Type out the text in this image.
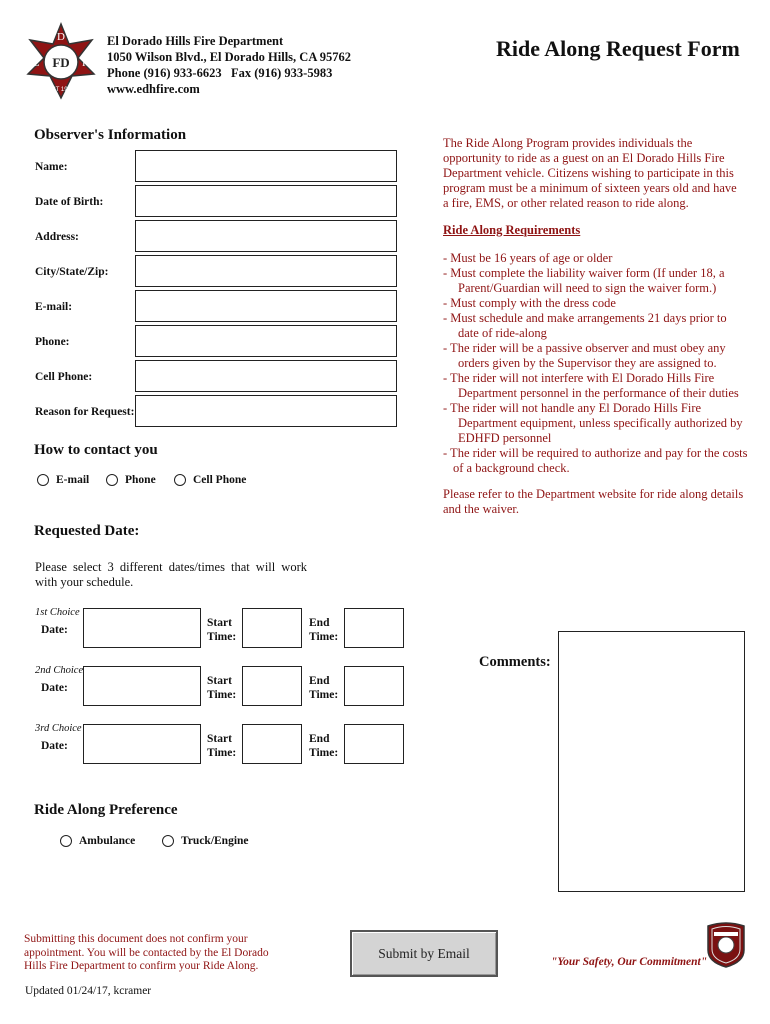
D
E	H
FD
EST 1963
El Dorado Hills Fire Department
1050 Wilson Blvd., El Dorado Hills, CA 95762
Phone (916) 933-6623   Fax (916) 933-5983
www.edhfire.com
Ride Along Request Form
Observer's Information
Name:
Date of Birth:
Address:
City/State/Zip:
E-mail:
Phone:
Cell Phone:
Reason for Request:
How to contact you
E-mail	Phone	Cell Phone
Requested Date:
Please select 3 different dates/times that will work with your schedule.
1st Choice
Date:
Start Time:
End Time:
2nd Choice
Date:
Start Time:
End Time:
3rd Choice
Date:
Start Time:
End Time:
Ride Along Preference
Ambulance	Truck/Engine
The Ride Along Program provides individuals the opportunity to ride as a guest on an El Dorado Hills Fire Department vehicle. Citizens wishing to participate in this program must be a minimum of sixteen years old and have a fire, EMS, or other related reason to ride along.
Ride Along Requirements
- Must be 16 years of age or older
- Must complete the liability waiver form (If under 18, a Parent/Guardian will need to sign the waiver form.)
- Must comply with the dress code
- Must schedule and make arrangements 21 days prior to date of ride-along
- The rider will be a passive observer and must obey any orders given by the Supervisor they are assigned to.
- The rider will not interfere with El Dorado Hills Fire Department personnel in the performance of their duties
- The rider will not handle any El Dorado Hills Fire Department equipment, unless specifically authorized by EDHFD personnel
- The rider will be required to authorize and pay for the costs of a background check.
Please refer to the Department website for ride along details and the waiver.
Comments:
Submitting this document does not confirm your appointment. You will be contacted by the El Dorado Hills Fire Department to confirm your Ride Along.
Submit by Email
"Your Safety, Our Commitment"
Updated 01/24/17, kcramer
